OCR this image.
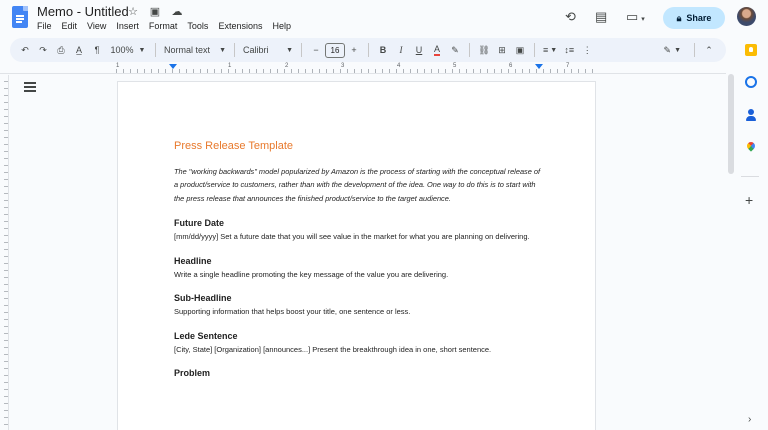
Memo - Untitled ☆ ▣ ☁
File Edit View Insert Format Tools Extensions Help
⟲ ▤ ▭ ▾	🔒︎ Share
↶	↷	⎙	A̲	¶	100% ▼ Normal text ▼ Calibri	▼	−	16	+	B	I	U	A	✎	⛓ ⊞	▣	≡ ▼ ↕≡ ⋮	✎ ▼	⌃
1	1	2	3	4	5	6	7
Press Release Template
The "working backwards" model popularized by Amazon is the process of starting with the conceptual release of a product/service to customers, rather than with the development of the idea. One way to do this is to start with the press release that announces the finished product/service to the target audience.
Future Date
[mm/dd/yyyy] Set a future date that you will see value in the market for what you are planning on delivering.
Headline
Write a single headline promoting the key message of the value you are delivering.
Sub-Headline
Supporting information that helps boost your title, one sentence or less.
Lede Sentence
[City, State] [Organization] [announces...] Present the breakthrough idea in one, short sentence.
Problem
+
›
